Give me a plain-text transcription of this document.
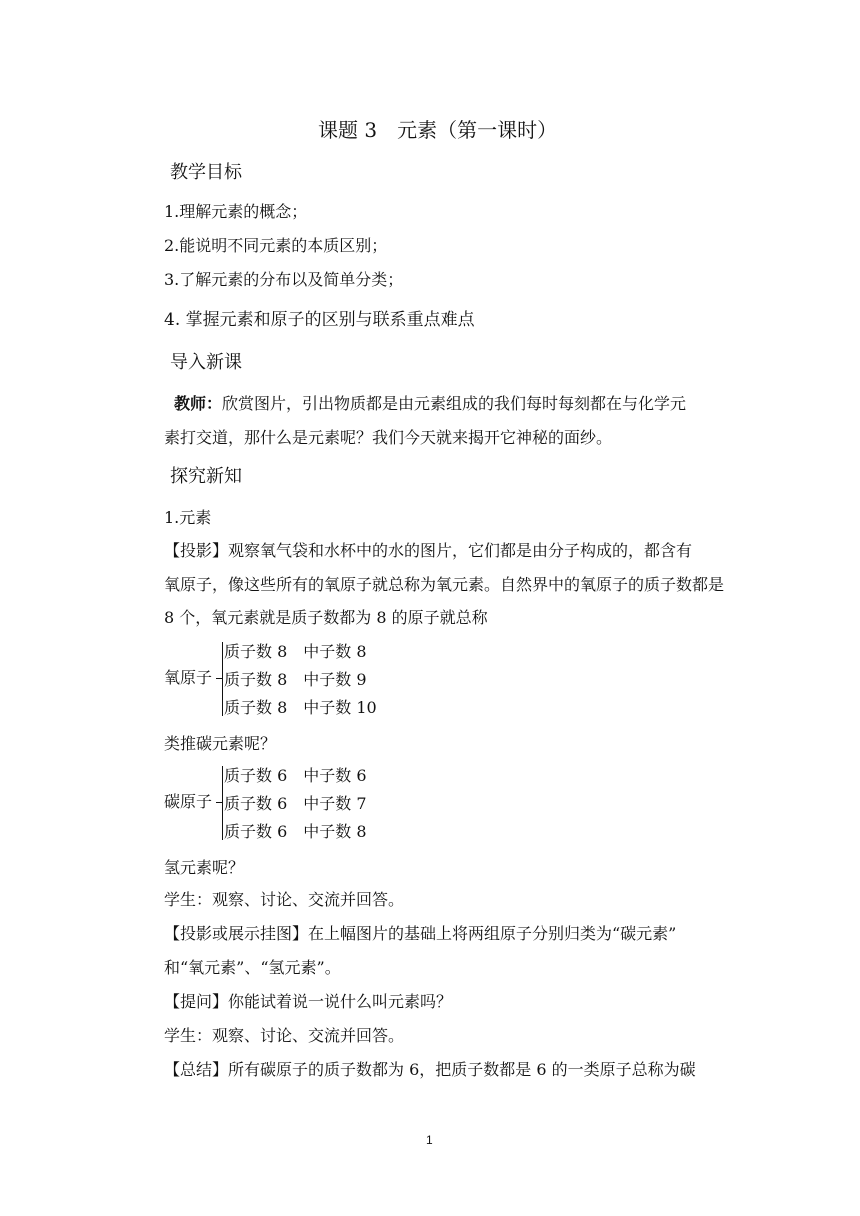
课题 3　元素（第一课时）
教学目标
1.理解元素的概念；
2.能说明不同元素的本质区别；
3.了解元素的分布以及简单分类；
4. 掌握元素和原子的区别与联系重点难点
导入新课
教师：欣赏图片，引出物质都是由元素组成的我们每时每刻都在与化学元
素打交道，那什么是元素呢？我们今天就来揭开它神秘的面纱。
探究新知
1.元素
【投影】观察氧气袋和水杯中的水的图片，它们都是由分子构成的，都含有
氧原子，像这些所有的氧原子就总称为氧元素。自然界中的氧原子的质子数都是
8 个，氧元素就是质子数都为 8 的原子就总称
氧原子
质子数 8　中子数 8
质子数 8　中子数 9
质子数 8　中子数 10
类推碳元素呢？
碳原子
质子数 6　中子数 6
质子数 6　中子数 7
质子数 6　中子数 8
氢元素呢？
学生：观察、讨论、交流并回答。
【投影或展示挂图】在上幅图片的基础上将两组原子分别归类为“碳元素”
和“氧元素”、“氢元素”。
【提问】你能试着说一说什么叫元素吗？
学生：观察、讨论、交流并回答。
【总结】所有碳原子的质子数都为 6，把质子数都是 6 的一类原子总称为碳
1
